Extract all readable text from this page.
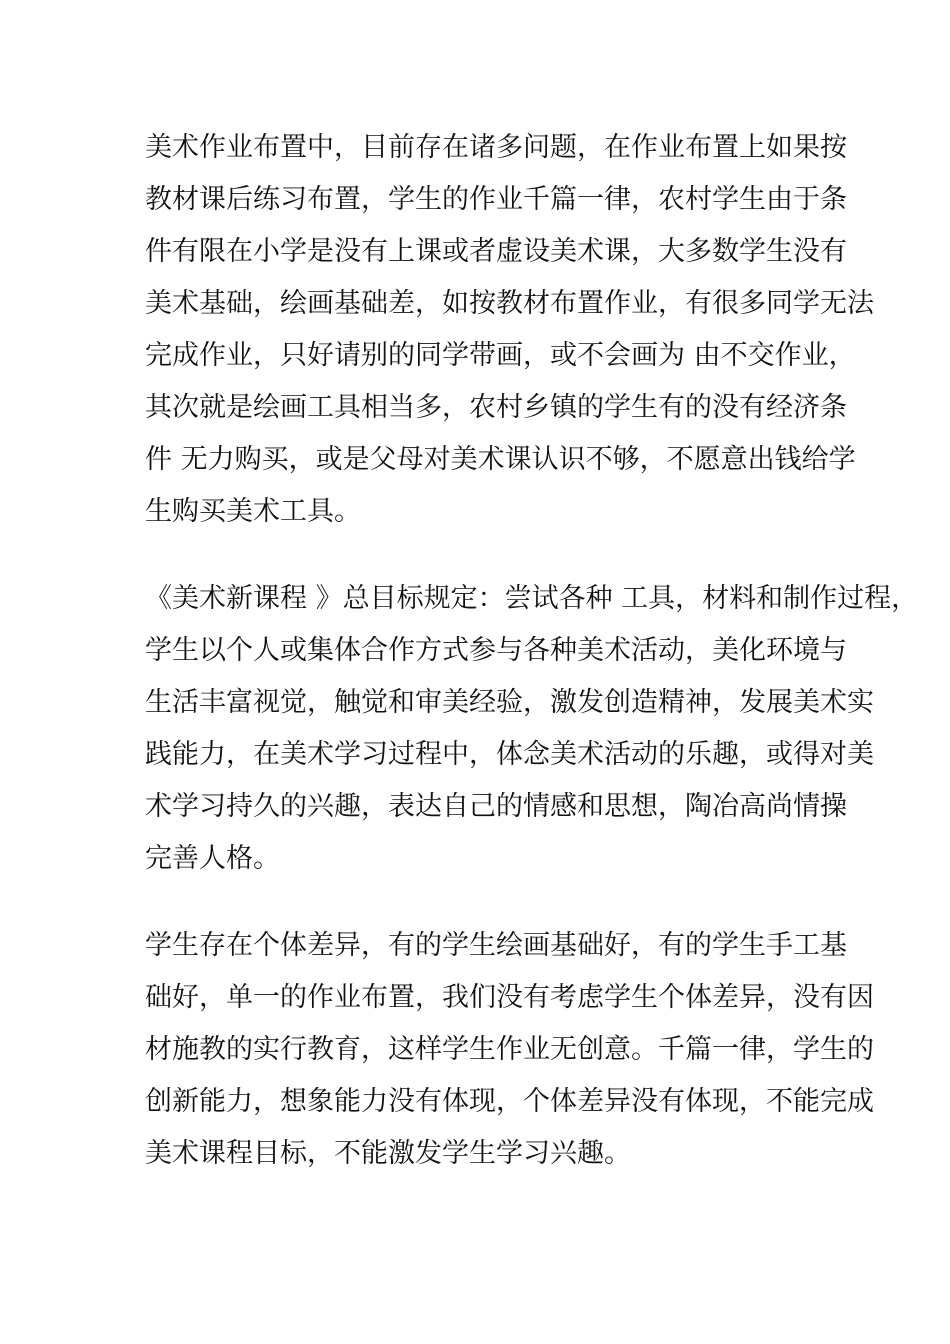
美术作业布置中，目前存在诸多问题，在作业布置上如果按
教材课后练习布置，学生的作业千篇一律，农村学生由于条
件有限在小学是没有上课或者虚设美术课，大多数学生没有
美术基础，绘画基础差，如按教材布置作业，有很多同学无法
完成作业，只好请别的同学带画，或不会画为 由不交作业，
其次就是绘画工具相当多，农村乡镇的学生有的没有经济条
件 无力购买，或是父母对美术课认识不够，不愿意出钱给学
生购买美术工具。

《美术新课程 》总目标规定：尝试各种 工具，材料和制作过程，
学生以个人或集体合作方式参与各种美术活动，美化环境与
生活丰富视觉，触觉和审美经验，激发创造精神，发展美术实
践能力，在美术学习过程中，体念美术活动的乐趣，或得对美
术学习持久的兴趣，表达自己的情感和思想，陶冶高尚情操
完善人格。

学生存在个体差异，有的学生绘画基础好，有的学生手工基
础好，单一的作业布置，我们没有考虑学生个体差异，没有因
材施教的实行教育，这样学生作业无创意。千篇一律，学生的
创新能力，想象能力没有体现，个体差异没有体现，不能完成
美术课程目标，不能激发学生学习兴趣。
